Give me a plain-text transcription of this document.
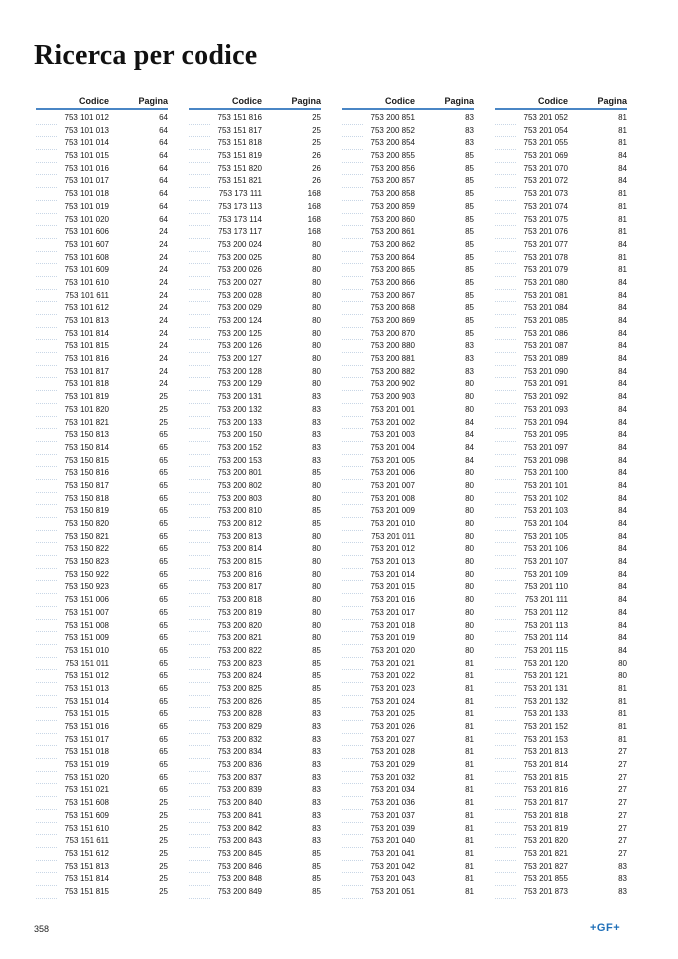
Ricerca per codice
Codice	Pagina
753 101 012	64
753 101 013	64
753 101 014	64
753 101 015	64
753 101 016	64
753 101 017	64
753 101 018	64
753 101 019	64
753 101 020	64
753 101 606	24
753 101 607	24
753 101 608	24
753 101 609	24
753 101 610	24
753 101 611	24
753 101 612	24
753 101 813	24
753 101 814	24
753 101 815	24
753 101 816	24
753 101 817	24
753 101 818	24
753 101 819	25
753 101 820	25
753 101 821	25
753 150 813	65
753 150 814	65
753 150 815	65
753 150 816	65
753 150 817	65
753 150 818	65
753 150 819	65
753 150 820	65
753 150 821	65
753 150 822	65
753 150 823	65
753 150 922	65
753 150 923	65
753 151 006	65
753 151 007	65
753 151 008	65
753 151 009	65
753 151 010	65
753 151 011	65
753 151 012	65
753 151 013	65
753 151 014	65
753 151 015	65
753 151 016	65
753 151 017	65
753 151 018	65
753 151 019	65
753 151 020	65
753 151 021	65
753 151 608	25
753 151 609	25
753 151 610	25
753 151 611	25
753 151 612	25
753 151 813	25
753 151 814	25
753 151 815	25
Codice	Pagina
753 151 816	25
753 151 817	25
753 151 818	25
753 151 819	26
753 151 820	26
753 151 821	26
753 173 111	168
753 173 113	168
753 173 114	168
753 173 117	168
753 200 024	80
753 200 025	80
753 200 026	80
753 200 027	80
753 200 028	80
753 200 029	80
753 200 124	80
753 200 125	80
753 200 126	80
753 200 127	80
753 200 128	80
753 200 129	80
753 200 131	83
753 200 132	83
753 200 133	83
753 200 150	83
753 200 152	83
753 200 153	83
753 200 801	85
753 200 802	80
753 200 803	80
753 200 810	85
753 200 812	85
753 200 813	80
753 200 814	80
753 200 815	80
753 200 816	80
753 200 817	80
753 200 818	80
753 200 819	80
753 200 820	80
753 200 821	80
753 200 822	85
753 200 823	85
753 200 824	85
753 200 825	85
753 200 826	85
753 200 828	83
753 200 829	83
753 200 832	83
753 200 834	83
753 200 836	83
753 200 837	83
753 200 839	83
753 200 840	83
753 200 841	83
753 200 842	83
753 200 843	83
753 200 845	85
753 200 846	85
753 200 848	85
753 200 849	85
Codice	Pagina
753 200 851	83
753 200 852	83
753 200 854	83
753 200 855	85
753 200 856	85
753 200 857	85
753 200 858	85
753 200 859	85
753 200 860	85
753 200 861	85
753 200 862	85
753 200 864	85
753 200 865	85
753 200 866	85
753 200 867	85
753 200 868	85
753 200 869	85
753 200 870	85
753 200 880	83
753 200 881	83
753 200 882	83
753 200 902	80
753 200 903	80
753 201 001	80
753 201 002	84
753 201 003	84
753 201 004	84
753 201 005	84
753 201 006	80
753 201 007	80
753 201 008	80
753 201 009	80
753 201 010	80
753 201 011	80
753 201 012	80
753 201 013	80
753 201 014	80
753 201 015	80
753 201 016	80
753 201 017	80
753 201 018	80
753 201 019	80
753 201 020	80
753 201 021	81
753 201 022	81
753 201 023	81
753 201 024	81
753 201 025	81
753 201 026	81
753 201 027	81
753 201 028	81
753 201 029	81
753 201 032	81
753 201 034	81
753 201 036	81
753 201 037	81
753 201 039	81
753 201 040	81
753 201 041	81
753 201 042	81
753 201 043	81
753 201 051	81
Codice	Pagina
753 201 052	81
753 201 054	81
753 201 055	81
753 201 069	84
753 201 070	84
753 201 072	84
753 201 073	81
753 201 074	81
753 201 075	81
753 201 076	81
753 201 077	84
753 201 078	81
753 201 079	81
753 201 080	84
753 201 081	84
753 201 084	84
753 201 085	84
753 201 086	84
753 201 087	84
753 201 089	84
753 201 090	84
753 201 091	84
753 201 092	84
753 201 093	84
753 201 094	84
753 201 095	84
753 201 097	84
753 201 098	84
753 201 100	84
753 201 101	84
753 201 102	84
753 201 103	84
753 201 104	84
753 201 105	84
753 201 106	84
753 201 107	84
753 201 109	84
753 201 110	84
753 201 111	84
753 201 112	84
753 201 113	84
753 201 114	84
753 201 115	84
753 201 120	80
753 201 121	80
753 201 131	81
753 201 132	81
753 201 133	81
753 201 152	81
753 201 153	81
753 201 813	27
753 201 814	27
753 201 815	27
753 201 816	27
753 201 817	27
753 201 818	27
753 201 819	27
753 201 820	27
753 201 821	27
753 201 827	83
753 201 855	83
753 201 873	83
358	+GF+
